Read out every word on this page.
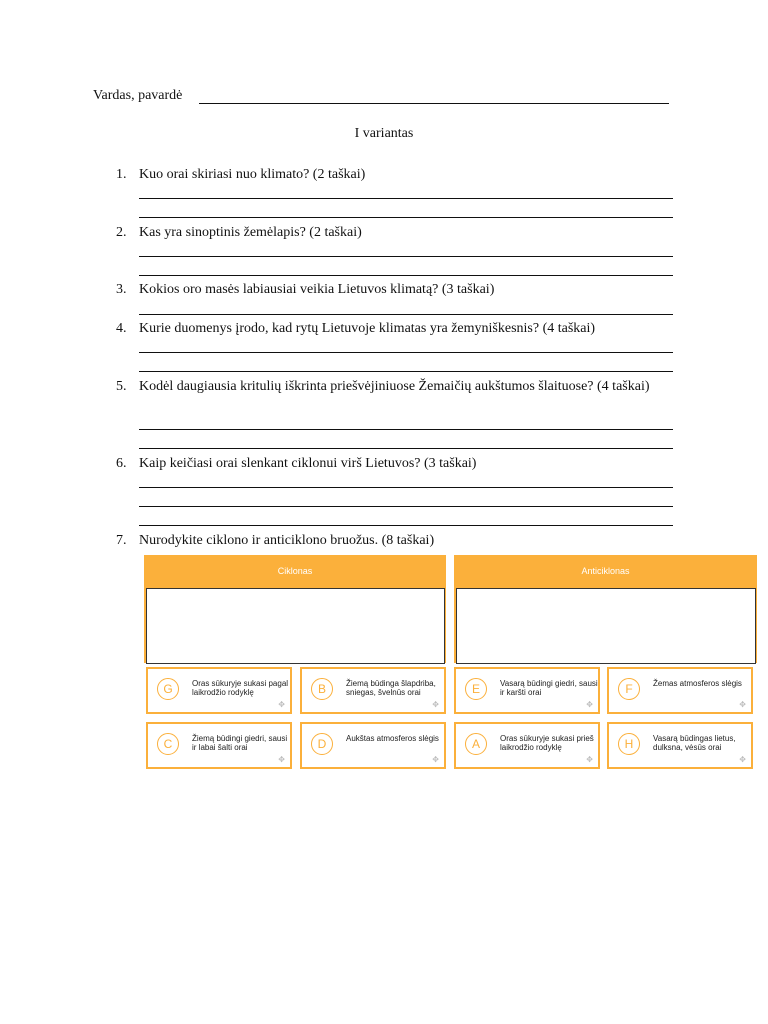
Vardas, pavardė
I variantas
1. Kuo orai skiriasi nuo klimato? (2 taškai)
2. Kas yra sinoptinis žemėlapis? (2 taškai)
3. Kokios oro masės labiausiai veikia Lietuvos klimatą? (3 taškai)
4. Kurie duomenys įrodo, kad rytų Lietuvoje klimatas yra žemyniškesnis? (4 taškai)
5. Kodėl daugiausia kritulių iškrinta priešvėjiniuose Žemaičių aukštumos šlaituose? (4 taškai)
6. Kaip keičiasi orai slenkant ciklonui virš Lietuvos? (3 taškai)
7. Nurodykite ciklono ir anticiklono bruožus. (8 taškai)
Ciklonas	Anticiklonas
G	Oras sūkuryje sukasi pagal laikrodžio rodyklę
✥
B	Žiemą būdinga šlapdriba, sniegas, švelnūs orai
✥
E	Vasarą būdingi giedri, sausi ir karšti orai
✥
F	Žemas atmosferos slėgis
✥
C	Žiemą būdingi giedri, sausi ir labai šalti orai
✥
D	Aukštas atmosferos slėgis
✥
A	Oras sūkuryje sukasi prieš laikrodžio rodyklę
✥
H	Vasarą būdingas lietus, dulksna, vėsūs orai
✥
